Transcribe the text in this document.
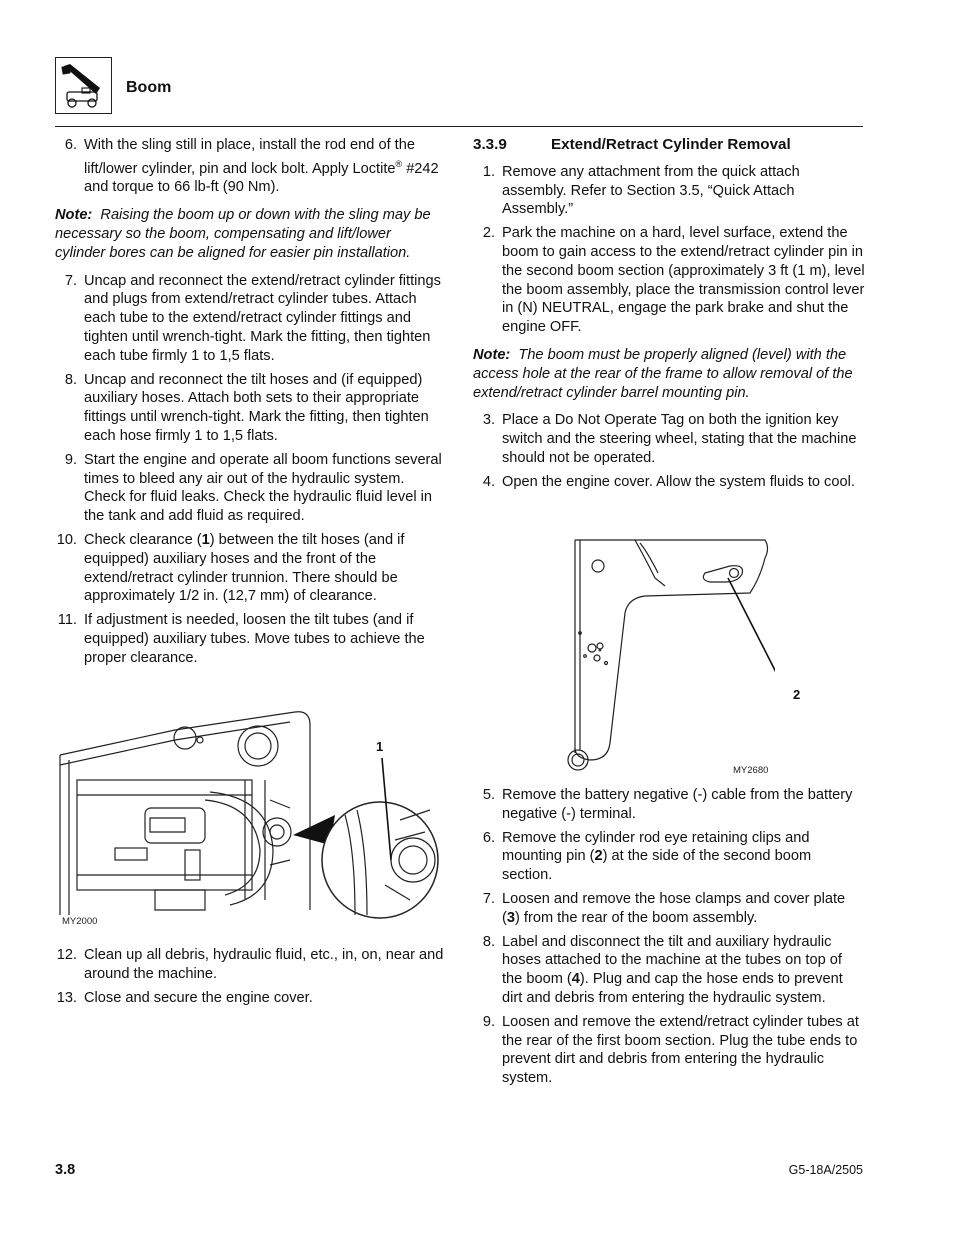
Boom
6. With the sling still in place, install the rod end of the lift/lower cylinder, pin and lock bolt. Apply Loctite® #242 and torque to 66 lb-ft (90 Nm).
Note: Raising the boom up or down with the sling may be necessary so the boom, compensating and lift/lower cylinder bores can be aligned for easier pin installation.
7. Uncap and reconnect the extend/retract cylinder fittings and plugs from extend/retract cylinder tubes. Attach each tube to the extend/retract cylinder fittings and tighten until wrench-tight. Mark the fitting, then tighten each tube firmly 1 to 1,5 flats.
8. Uncap and reconnect the tilt hoses and (if equipped) auxiliary hoses. Attach both sets to their appropriate fittings until wrench-tight. Mark the fitting, then tighten each hose firmly 1 to 1,5 flats.
9. Start the engine and operate all boom functions several times to bleed any air out of the hydraulic system. Check for fluid leaks. Check the hydraulic fluid level in the tank and add fluid as required.
10. Check clearance (1) between the tilt hoses (and if equipped) auxiliary hoses and the front of the extend/retract cylinder trunnion. There should be approximately 1/2 in. (12,7 mm) of clearance.
11. If adjustment is needed, loosen the tilt tubes (and if equipped) auxiliary tubes. Move tubes to achieve the proper clearance.
1
MY2000
12. Clean up all debris, hydraulic fluid, etc., in, on, near and around the machine.
13. Close and secure the engine cover.
3.3.9	Extend/Retract Cylinder Removal
1. Remove any attachment from the quick attach assembly. Refer to Section 3.5, “Quick Attach Assembly.”
2. Park the machine on a hard, level surface, extend the boom to gain access to the extend/retract cylinder pin in the second boom section (approximately 3 ft (1 m), level the boom assembly, place the transmission control lever in (N) NEUTRAL, engage the park brake and shut the engine OFF.
Note: The boom must be properly aligned (level) with the access hole at the rear of the frame to allow removal of the extend/retract cylinder barrel mounting pin.
3. Place a Do Not Operate Tag on both the ignition key switch and the steering wheel, stating that the machine should not be operated.
4. Open the engine cover. Allow the system fluids to cool.
2
MY2680
5. Remove the battery negative (-) cable from the battery negative (-) terminal.
6. Remove the cylinder rod eye retaining clips and mounting pin (2) at the side of the second boom section.
7. Loosen and remove the hose clamps and cover plate (3) from the rear of the boom assembly.
8. Label and disconnect the tilt and auxiliary hydraulic hoses attached to the machine at the tubes on top of the boom (4). Plug and cap the hose ends to prevent dirt and debris from entering the hydraulic system.
9. Loosen and remove the extend/retract cylinder tubes at the rear of the first boom section. Plug the tube ends to prevent dirt and debris from entering the hydraulic system.
3.8	G5-18A/2505
